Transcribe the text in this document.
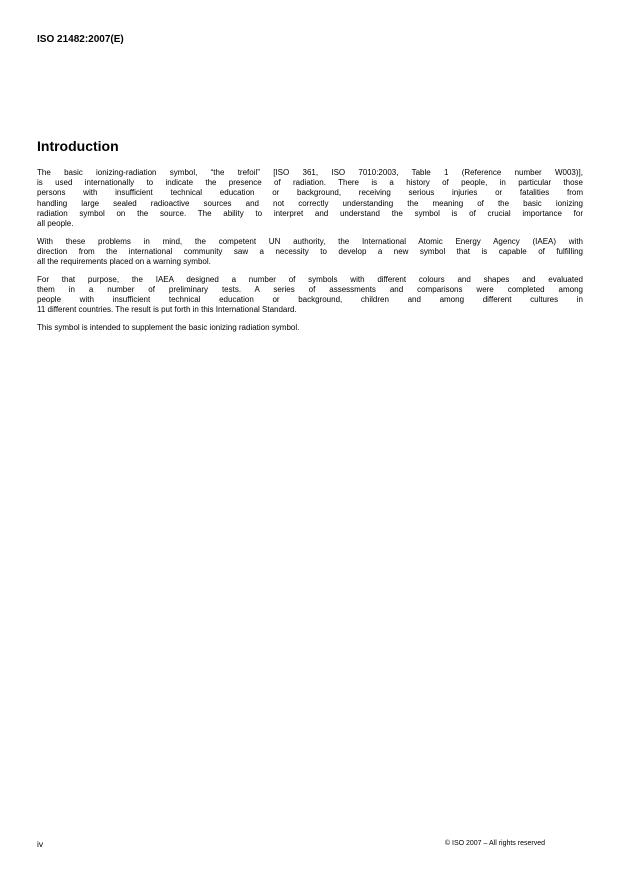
ISO 21482:2007(E)
Introduction
The basic ionizing-radiation symbol, “the trefoil” [ISO 361, ISO 7010:2003, Table 1 (Reference number W003)],
is used internationally to indicate the presence of radiation. There is a history of people, in particular those
persons with insufficient technical education or background, receiving serious injuries or fatalities from
handling large sealed radioactive sources and not correctly understanding the meaning of the basic ionizing
radiation symbol on the source. The ability to interpret and understand the symbol is of crucial importance for
all people.
With these problems in mind, the competent UN authority, the International Atomic Energy Agency (IAEA) with
direction from the international community saw a necessity to develop a new symbol that is capable of fulfilling
all the requirements placed on a warning symbol.
For that purpose, the IAEA designed a number of symbols with different colours and shapes and evaluated
them in a number of preliminary tests. A series of assessments and comparisons were completed among
people with insufficient technical education or background, children and among different cultures in
11 different countries. The result is put forth in this International Standard.
This symbol is intended to supplement the basic ionizing radiation symbol.
iv	© ISO 2007 – All rights reserved
